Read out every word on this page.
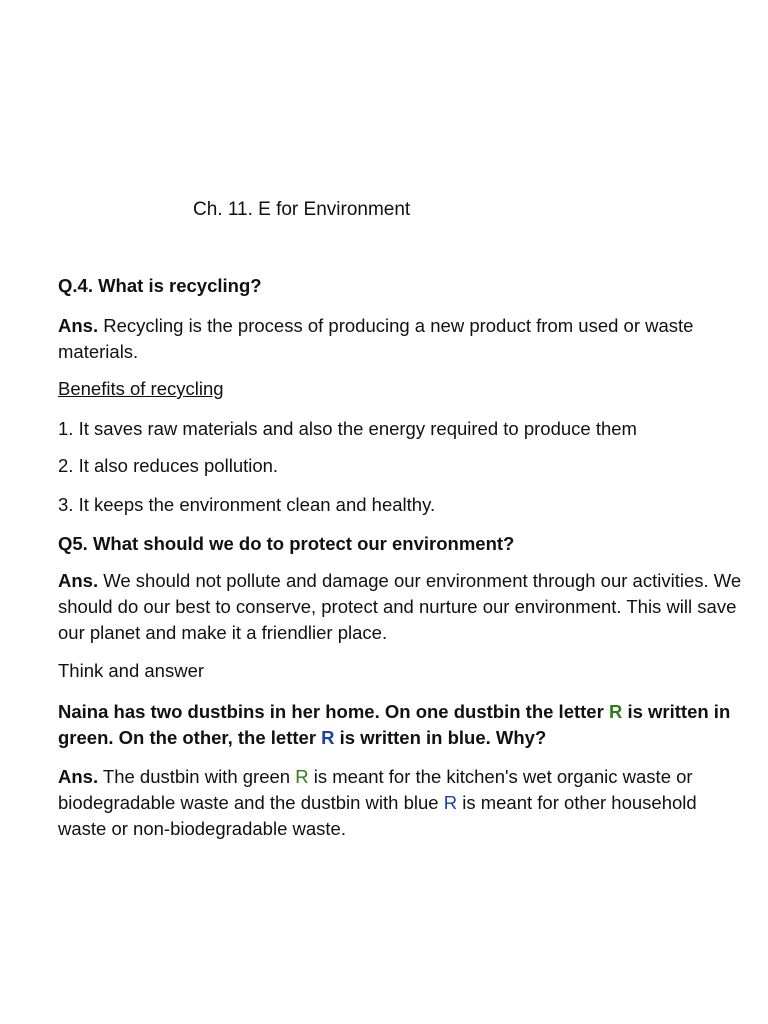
Ch. 11. E for Environment
Q.4. What is recycling?
Ans. Recycling is the process of producing a new product from used or waste materials.
Benefits of recycling
1. It saves raw materials and also the energy required to produce them
2. It also reduces pollution.
3. It keeps the environment clean and healthy.
Q5. What should we do to protect our environment?
Ans. We should not pollute and damage our environment through our activities. We should do our best to conserve, protect and nurture our environment. This will save our planet and make it a friendlier place.
Think and answer
Naina has two dustbins in her home. On one dustbin the letter R is written in green. On the other, the letter R is written in blue. Why?
Ans. The dustbin with green R is meant for the kitchen's wet organic waste or biodegradable waste and the dustbin with blue R is meant for other household waste or non-biodegradable waste.
